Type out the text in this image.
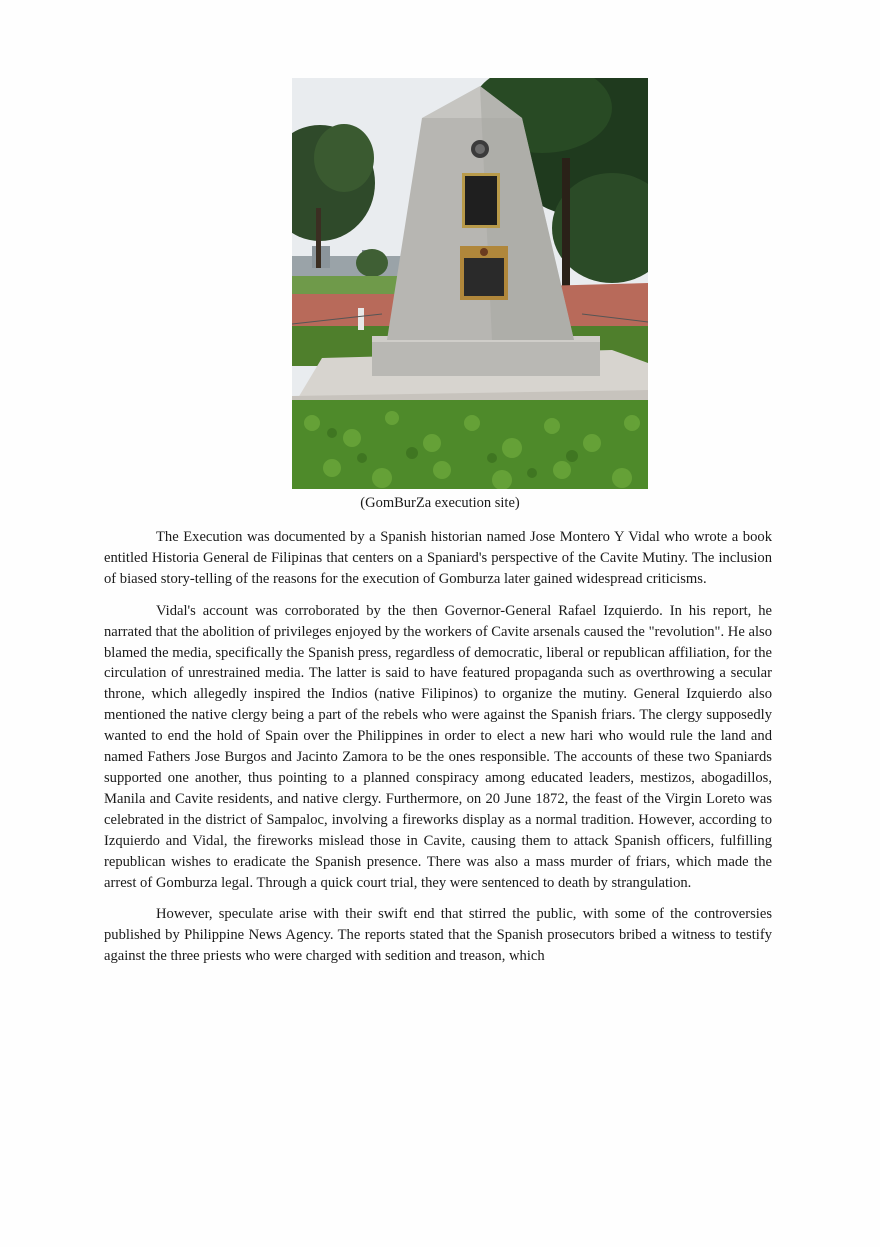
(GomBurZa execution site)

The Execution was documented by a Spanish historian named Jose Montero Y Vidal who wrote a book entitled Historia General de Filipinas that centers on a Spaniard's perspective of the Cavite Mutiny. The inclusion of biased story-telling of the reasons for the execution of Gomburza later gained widespread criticisms.

Vidal's account was corroborated by the then Governor-General Rafael Izquierdo. In his report, he narrated that the abolition of privileges enjoyed by the workers of Cavite arsenals caused the "revolution". He also blamed the media, specifically the Spanish press, regardless of democratic, liberal or republican affiliation, for the circulation of unrestrained media. The latter is said to have featured propaganda such as overthrowing a secular throne, which allegedly inspired the Indios (native Filipinos) to organize the mutiny. General Izquierdo also mentioned the native clergy being a part of the rebels who were against the Spanish friars. The clergy supposedly wanted to end the hold of Spain over the Philippines in order to elect a new hari who would rule the land and named Fathers Jose Burgos and Jacinto Zamora to be the ones responsible. The accounts of these two Spaniards supported one another, thus pointing to a planned conspiracy among educated leaders, mestizos, abogadillos, Manila and Cavite residents, and native clergy. Furthermore, on 20 June 1872, the feast of the Virgin Loreto was celebrated in the district of Sampaloc, involving a fireworks display as a normal tradition. However, according to Izquierdo and Vidal, the fireworks mislead those in Cavite, causing them to attack Spanish officers, fulfilling republican wishes to eradicate the Spanish presence. There was also a mass murder of friars, which made the arrest of Gomburza legal. Through a quick court trial, they were sentenced to death by strangulation.

However, speculate arise with their swift end that stirred the public, with some of the controversies published by Philippine News Agency. The reports stated that the Spanish prosecutors bribed a witness to testify against the three priests who were charged with sedition and treason, which
